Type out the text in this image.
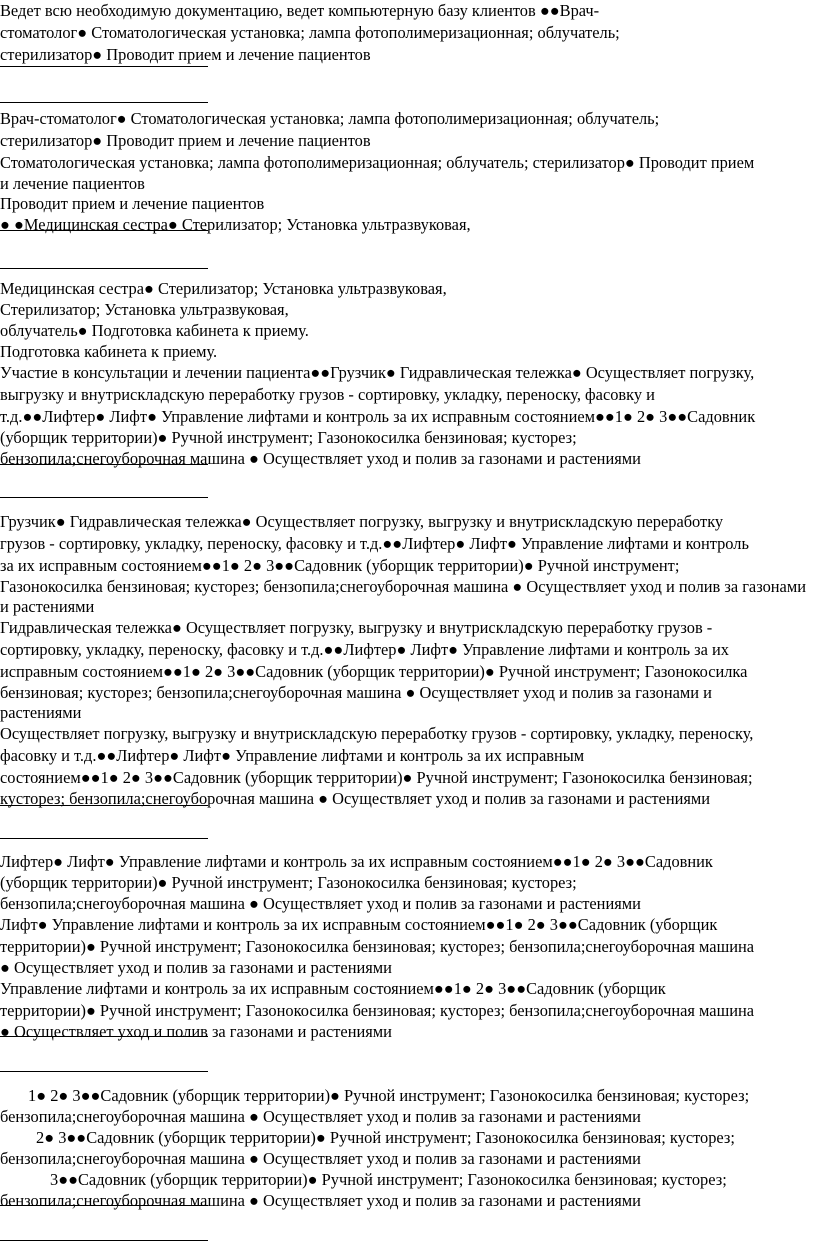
Ведет всю необходимую документацию, ведет компьютерную базу клиентов ●●Врач-
стоматолог● Стоматологическая установка; лампа фотополимеризационная; облучатель;
стерилизатор● Проводит прием и лечение пациентов
Врач-стоматолог● Стоматологическая установка; лампа фотополимеризационная; облучатель;
стерилизатор● Проводит прием и лечение пациентов
Стоматологическая установка; лампа фотополимеризационная; облучатель; стерилизатор● Проводит прием
и лечение пациентов
Проводит прием и лечение пациентов
● ●Медицинская сестра● Стерилизатор; Установка ультразвуковая,
Медицинская сестра● Стерилизатор; Установка ультразвуковая,
Стерилизатор; Установка ультразвуковая,
облучатель● Подготовка кабинета к приему.
Подготовка кабинета к приему.
Участие в консультации и лечении пациента●●Грузчик● Гидравлическая тележка● Осуществляет погрузку,
выгрузку и внутрискладскую переработку грузов - сортировку, укладку, переноску, фасовку и
т.д.●●Лифтер● Лифт● Управление лифтами и контроль за их исправным состоянием●●1● 2● 3●●Садовник
(уборщик территории)● Ручной инструмент; Газонокосилка бензиновая; кусторез;
бензопила;снегоуборочная машина ● Осуществляет уход и полив за газонами и растениями
Грузчик● Гидравлическая тележка● Осуществляет погрузку, выгрузку и внутрискладскую переработку
грузов - сортировку, укладку, переноску, фасовку и т.д.●●Лифтер● Лифт● Управление лифтами и контроль
за их исправным состоянием●●1● 2● 3●●Садовник (уборщик территории)● Ручной инструмент;
Газонокосилка бензиновая; кусторез; бензопила;снегоуборочная машина ● Осуществляет уход и полив за газонами
и растениями
Гидравлическая тележка● Осуществляет погрузку, выгрузку и внутрискладскую переработку грузов -
сортировку, укладку, переноску, фасовку и т.д.●●Лифтер● Лифт● Управление лифтами и контроль за их
исправным состоянием●●1● 2● 3●●Садовник (уборщик территории)● Ручной инструмент; Газонокосилка
бензиновая; кусторез; бензопила;снегоуборочная машина ● Осуществляет уход и полив за газонами и
растениями
Осуществляет погрузку, выгрузку и внутрискладскую переработку грузов - сортировку, укладку, переноску,
фасовку и т.д.●●Лифтер● Лифт● Управление лифтами и контроль за их исправным
состоянием●●1● 2● 3●●Садовник (уборщик территории)● Ручной инструмент; Газонокосилка бензиновая;
кусторез; бензопила;снегоуборочная машина ● Осуществляет уход и полив за газонами и растениями
Лифтер● Лифт● Управление лифтами и контроль за их исправным состоянием●●1● 2● 3●●Садовник
(уборщик территории)● Ручной инструмент; Газонокосилка бензиновая; кусторез;
бензопила;снегоуборочная машина ● Осуществляет уход и полив за газонами и растениями
Лифт● Управление лифтами и контроль за их исправным состоянием●●1● 2● 3●●Садовник (уборщик
территории)● Ручной инструмент; Газонокосилка бензиновая; кусторез; бензопила;снегоуборочная машина
● Осуществляет уход и полив за газонами и растениями
Управление лифтами и контроль за их исправным состоянием●●1● 2● 3●●Садовник (уборщик
территории)● Ручной инструмент; Газонокосилка бензиновая; кусторез; бензопила;снегоуборочная машина
● Осуществляет уход и полив за газонами и растениями
1● 2● 3●●Садовник (уборщик территории)● Ручной инструмент; Газонокосилка бензиновая; кусторез;
бензопила;снегоуборочная машина ● Осуществляет уход и полив за газонами и растениями
2● 3●●Садовник (уборщик территории)● Ручной инструмент; Газонокосилка бензиновая; кусторез;
бензопила;снегоуборочная машина ● Осуществляет уход и полив за газонами и растениями
3●●Садовник (уборщик территории)● Ручной инструмент; Газонокосилка бензиновая; кусторез;
бензопила;снегоуборочная машина ● Осуществляет уход и полив за газонами и растениями
